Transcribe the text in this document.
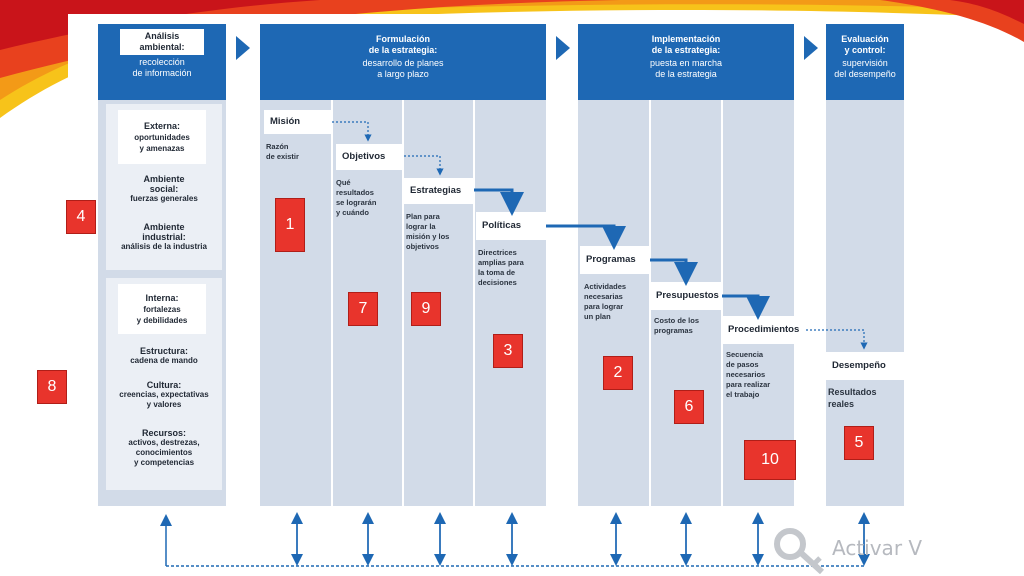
Análisis ambiental:
recolección
de información
Externa:
oportunidades
y amenazas
Ambiente
social:
fuerzas generales
Ambiente
industrial:
análisis de la industria
Interna:
fortalezas
y debilidades
Estructura:
cadena de mando
Cultura:
creencias, expectativas
y valores
Recursos:
activos, destrezas,
conocimientos
y competencias
Formulación
de la estrategia:
desarrollo de planes
a largo plazo
Misión
Razón
de existir	Objetivos
Qué
resultados
se lograrán
y cuándo
Estrategias
Plan para
lograr la
misión y los
objetivos
Políticas
Directrices
amplias para
la toma de
decisiones
Implementación
de la estrategia:
puesta en marcha
de la estrategia
Programas
Actividades
necesarias
para lograr
un plan
Presupuestos
Costo de los
programas	Procedimientos
Secuencia
de pasos
necesarios
para realizar
el trabajo
Evaluación
y control:
supervisión
del desempeño
Desempeño
Resultados
reales
1
2
3
4
5
6
7
8
9
10
Activar V
